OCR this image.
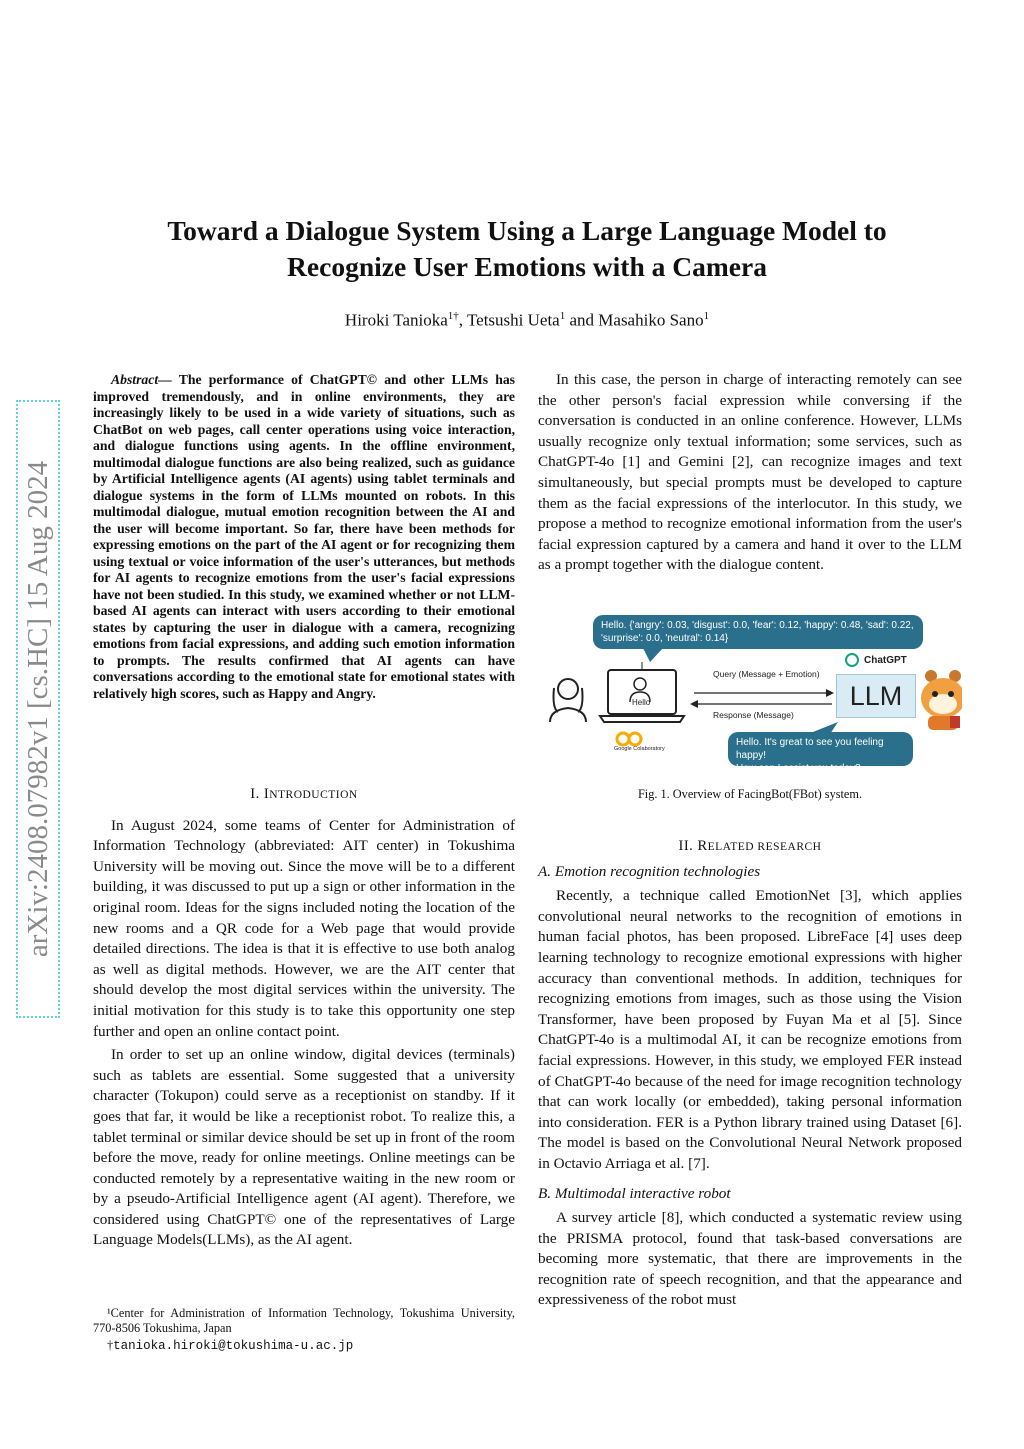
arXiv:2408.07982v1 [cs.HC] 15 Aug 2024
Toward a Dialogue System Using a Large Language Model to
Recognize User Emotions with a Camera
Hiroki Tanioka$^{1\dagger}$, Tetsushi Ueta$^1$ and Masahiko Sano$^1$

Abstract— The performance of ChatGPT© and other LLMs has improved tremendously, and in online environments, they are increasingly likely to be used in a wide variety of situations, such as ChatBot on web pages, call center operations using voice interaction, and dialogue functions using agents. In the offline environment, multimodal dialogue functions are also being realized, such as guidance by Artificial Intelligence agents (AI agents) using tablet terminals and dialogue systems in the form of LLMs mounted on robots. In this multimodal dialogue, mutual emotion recognition between the AI and the user will become important. So far, there have been methods for expressing emotions on the part of the AI agent or for recognizing them using textual or voice information of the user's utterances, but methods for AI agents to recognize emotions from the user's facial expressions have not been studied. In this study, we examined whether or not LLM-based AI agents can interact with users according to their emotional states by capturing the user in dialogue with a camera, recognizing emotions from facial expressions, and adding such emotion information to prompts. The results confirmed that AI agents can have conversations according to the emotional state for emotional states with relatively high scores, such as Happy and Angry.

I. INTRODUCTION

In August 2024, some teams of Center for Administration of Information Technology (abbreviated: AIT center) in Tokushima University will be moving out. Since the move will be to a different building, it was discussed to put up a sign or other information in the original room. Ideas for the signs included noting the location of the new rooms and a QR code for a Web page that would provide detailed directions. The idea is that it is effective to use both analog as well as digital methods. However, we are the AIT center that should develop the most digital services within the university. The initial motivation for this study is to take this opportunity one step further and open an online contact point.

In order to set up an online window, digital devices (terminals) such as tablets are essential. Some suggested that a university character (Tokupon) could serve as a receptionist on standby. If it goes that far, it would be like a receptionist robot. To realize this, a tablet terminal or similar device should be set up in front of the room before the move, ready for online meetings. Online meetings can be conducted remotely by a representative waiting in the new room or by a pseudo-Artificial Intelligence agent (AI agent). Therefore, we considered using ChatGPT© one of the representatives of Large Language Models(LLMs), as the AI agent.

¹Center for Administration of Information Technology, Tokushima University, 770-8506 Tokushima, Japan

†tanioka.hiroki@tokushima-u.ac.jp

In this case, the person in charge of interacting remotely can see the other person's facial expression while conversing if the conversation is conducted in an online conference. However, LLMs usually recognize only textual information; some services, such as ChatGPT-4o [1] and Gemini [2], can recognize images and text simultaneously, but special prompts must be developed to capture them as the facial expressions of the interlocutor. In this study, we propose a method to recognize emotional information from the user's facial expression captured by a camera and hand it over to the LLM as a prompt together with the dialogue content.

Hello. {'angry': 0.03, 'disgust': 0.0, 'fear': 0.12, 'happy': 0.48, 'sad': 0.22,
'surprise': 0.0, 'neutral': 0.14}
Query (Message + Emotion)
Response (Message)
Hello
Google Colaboratory
ChatGPT
LLM
Hello. It's great to see you feeling happy!
How can I assist you today?
Fig. 1. Overview of FacingBot(FBot) system.
II. RELATED RESEARCH
A. Emotion recognition technologies

Recently, a technique called EmotionNet [3], which applies convolutional neural networks to the recognition of emotions in human facial photos, has been proposed. LibreFace [4] uses deep learning technology to recognize emotional expressions with higher accuracy than conventional methods. In addition, techniques for recognizing emotions from images, such as those using the Vision Transformer, have been proposed by Fuyan Ma et al [5]. Since ChatGPT-4o is a multimodal AI, it can be recognize emotions from facial expressions. However, in this study, we employed FER instead of ChatGPT-4o because of the need for image recognition technology that can work locally (or embedded), taking personal information into consideration. FER is a Python library trained using Dataset [6]. The model is based on the Convolutional Neural Network proposed in Octavio Arriaga et al. [7].

B. Multimodal interactive robot

A survey article [8], which conducted a systematic review using the PRISMA protocol, found that task-based conversations are becoming more systematic, that there are improvements in the recognition rate of speech recognition, and that the appearance and expressiveness of the robot must
